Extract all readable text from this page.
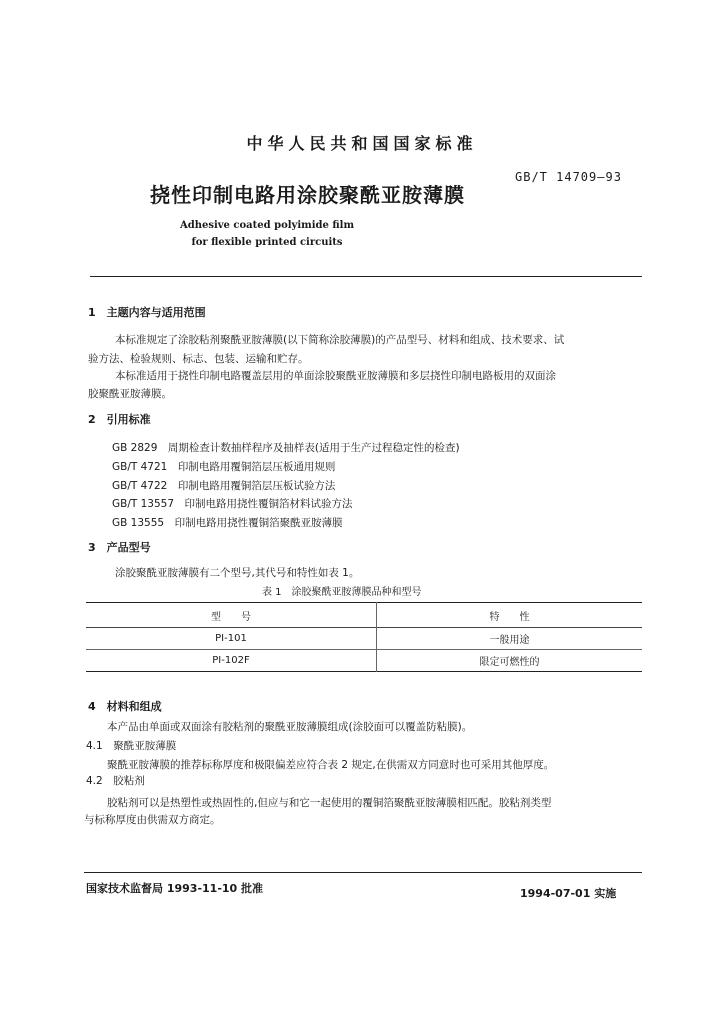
中华人民共和国国家标准
GB/T 14709—93
挠性印制电路用涂胶聚酰亚胺薄膜
Adhesive coated polyimide film
for flexible printed circuits
1　主题内容与适用范围
本标准规定了涂胶粘剂聚酰亚胺薄膜(以下简称涂胶薄膜)的产品型号、材料和组成、技术要求、试
验方法、检验规则、标志、包装、运输和贮存。
本标准适用于挠性印制电路覆盖层用的单面涂胶聚酰亚胺薄膜和多层挠性印制电路板用的双面涂
胶聚酰亚胺薄膜。
2　引用标准
GB 2829　周期检查计数抽样程序及抽样表(适用于生产过程稳定性的检查)
GB/T 4721　印制电路用覆铜箔层压板通用规则
GB/T 4722　印制电路用覆铜箔层压板试验方法
GB/T 13557　印制电路用挠性覆铜箔材料试验方法
GB 13555　印制电路用挠性覆铜箔聚酰亚胺薄膜
3　产品型号
涂胶聚酰亚胺薄膜有二个型号,其代号和特性如表 1。
表 1　涂胶聚酰亚胺薄膜品种和型号
型　　号	特　　性
PI-101	一般用途
PI-102F	限定可燃性的
4　材料和组成
本产品由单面或双面涂有胶粘剂的聚酰亚胺薄膜组成(涂胶面可以覆盖防粘膜)。
4.1　聚酰亚胺薄膜
聚酰亚胺薄膜的推荐标称厚度和极限偏差应符合表 2 规定,在供需双方同意时也可采用其他厚度。
4.2　胶粘剂
胶粘剂可以是热塑性或热固性的,但应与和它一起使用的覆铜箔聚酰亚胺薄膜相匹配。胶粘剂类型
与标称厚度由供需双方商定。
国家技术监督局 1993-11-10 批准	1994-07-01 实施
